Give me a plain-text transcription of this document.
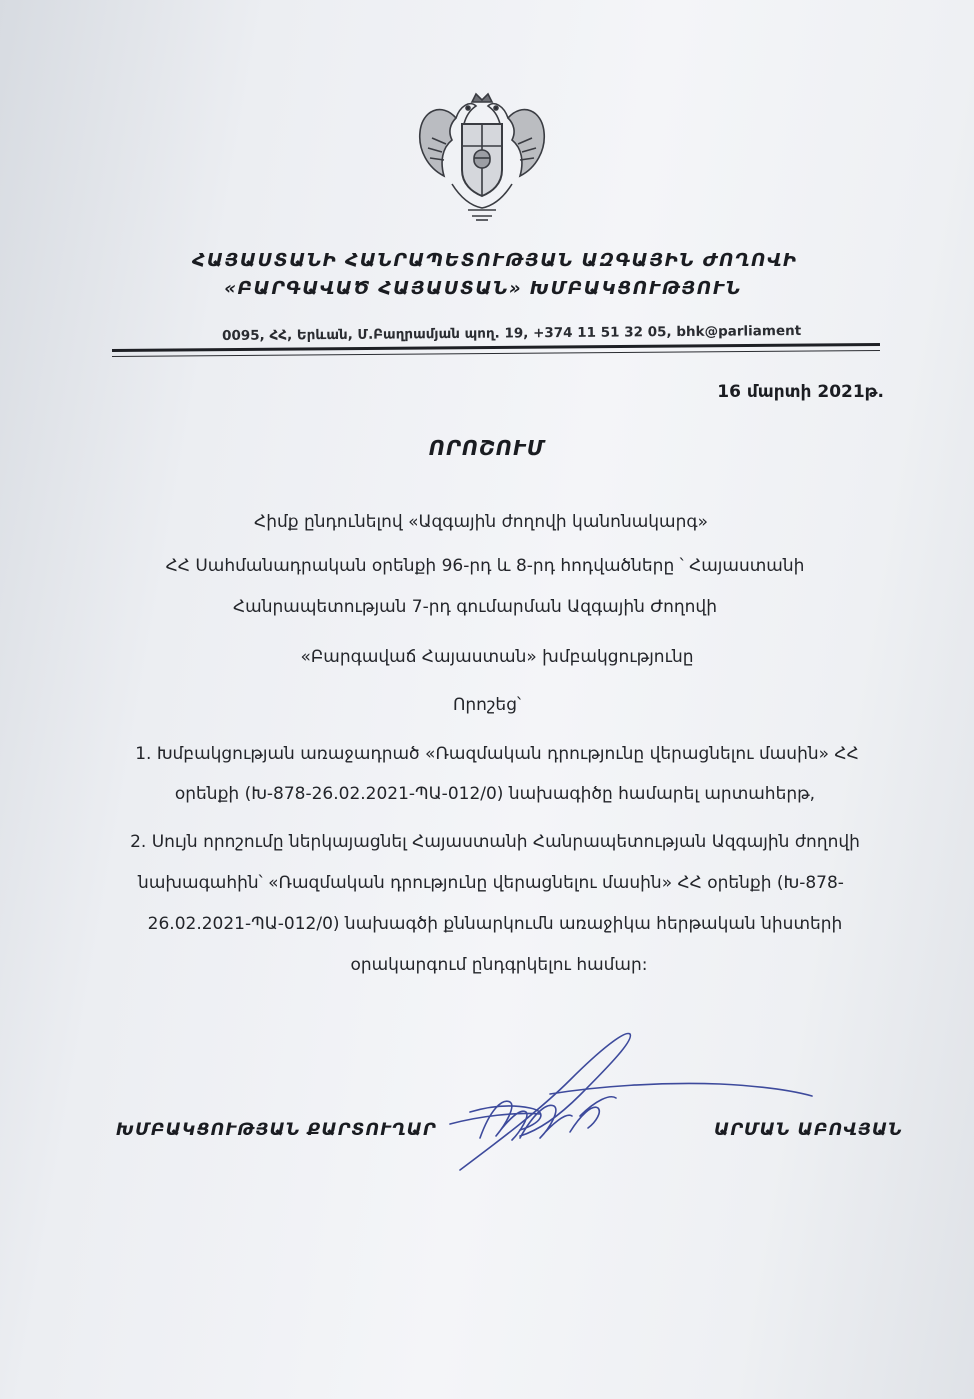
ՀԱՅԱՍՏԱՆԻ ՀԱՆՐԱՊԵՏՈՒԹՅԱՆ ԱԶԳԱՅԻՆ ԺՈՂՈՎԻ
«ԲԱՐԳԱՎԱԾ ՀԱՅԱՍՏԱՆ» ԽՄԲԱԿՑՈՒԹՅՈՒՆ
0095, ՀՀ, Երևան, Մ.Բաղրամյան պող. 19, +374 11 51 32 05, bhk@parliament
16 մարտի 2021թ.
ՈՐՈՇՈՒՄ
Հիմք ընդունելով «Ազգային ժողովի կանոնակարգ»
ՀՀ Սահմանադրական օրենքի 96-րդ և 8-րդ հոդվածները ՝ Հայաստանի
Հանրապետության 7-րդ գումարման Ազգային Ժողովի
«Բարգավաճ Հայաստան» խմբակցությունը
Որոշեց՝
1. Խմբակցության առաջադրած «Ռազմական դրությունը վերացնելու մասին» ՀՀ
օրենքի (Խ-878-26.02.2021-ՊԱ-012/0) նախագիծը համարել արտահերթ,
2. Սույն որոշումը ներկայացնել Հայաստանի Հանրապետության Ազգային ժողովի
նախագահին՝ «Ռազմական դրությունը վերացնելու մասին» ՀՀ օրենքի (Խ-878-
26.02.2021-ՊԱ-012/0) նախագծի քննարկումն առաջիկա հերթական նիստերի
օրակարգում ընդգրկելու համար:
ԽՄԲԱԿՑՈՒԹՅԱՆ ՔԱՐՏՈՒՂԱՐ	ԱՐՄԱՆ ԱԲՈՎՅԱՆ
